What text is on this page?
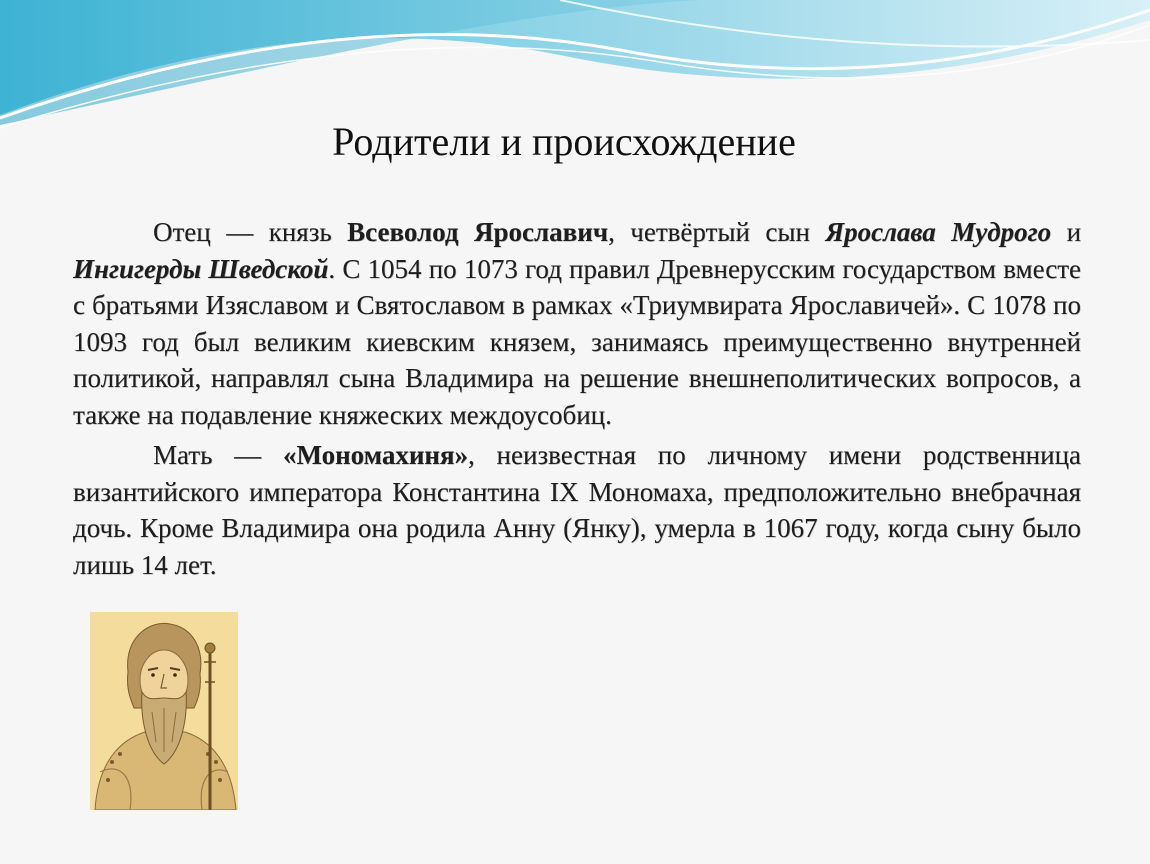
Родители и происхождение

Отец — князь Всеволод Ярославич, четвёртый сын Ярослава Мудрого и Ингигерды Шведской. С 1054 по 1073 год правил Древнерусским государством вместе с братьями Изяславом и Святославом в рамках «Триумвирата Ярославичей». С 1078 по 1093 год был великим киевским князем, занимаясь преимущественно внутренней политикой, направлял сына Владимира на решение внешнеполитических вопросов, а также на подавление княжеских междоусобиц.

Мать — «Мономахиня», неизвестная по личному имени родственница византийского императора Константина IX Мономаха, предположительно внебрачная дочь. Кроме Владимира она родила Анну (Янку), умерла в 1067 году, когда сыну было лишь 14 лет.
